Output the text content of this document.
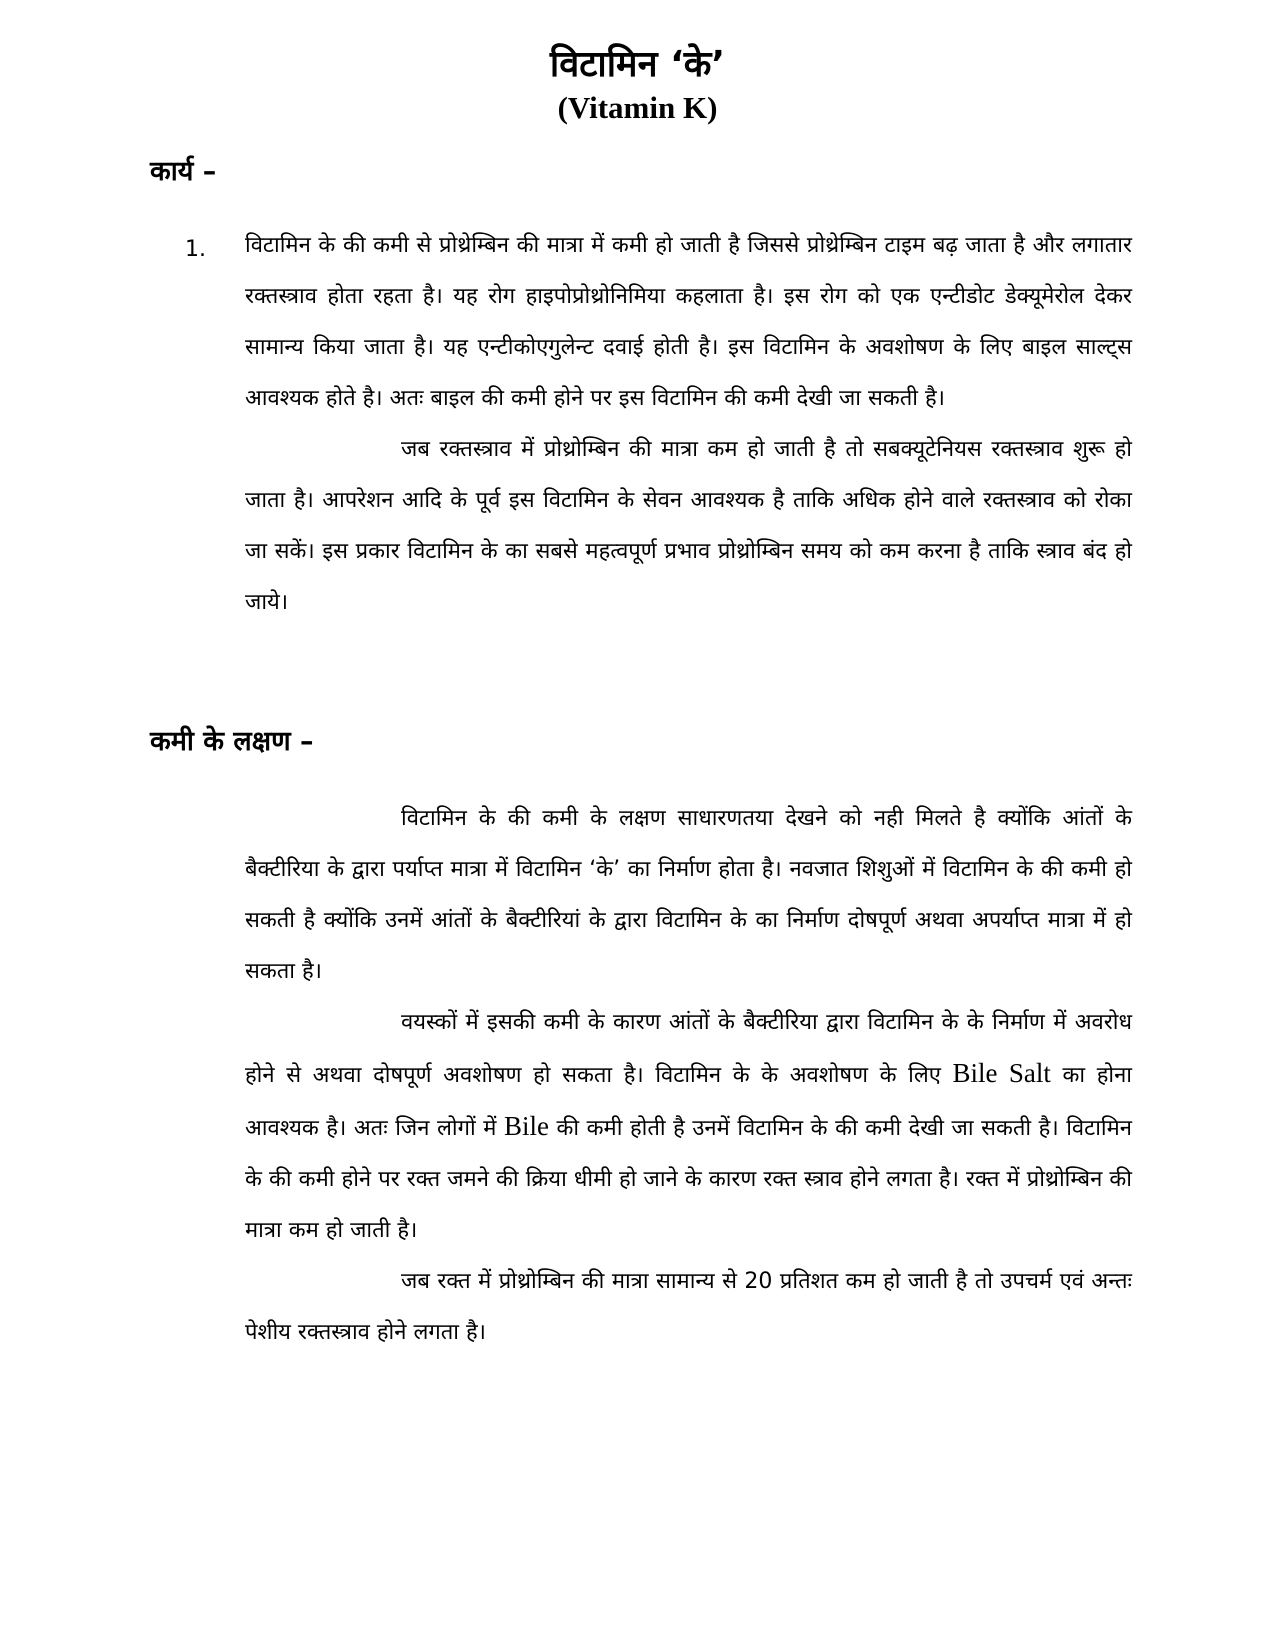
विटामिन ‘के’
(Vitamin K)
कार्य –
1. विटामिन के की कमी से प्रोथ्रेम्बिन की मात्रा में कमी हो जाती है जिससे प्रोथ्रेम्बिन टाइम बढ़ जाता है और लगातार रक्तस्त्राव होता रहता है। यह रोग हाइपोप्रोथ्रोनिमिया कहलाता है। इस रोग को एक एन्टीडोट डेक्यूमेरोल देकर सामान्य किया जाता है। यह एन्टीकोएगुलेन्ट दवाई होती है। इस विटामिन के अवशोषण के लिए बाइल साल्ट्स आवश्यक होते है। अतः बाइल की कमी होने पर इस विटामिन की कमी देखी जा सकती है।

जब रक्तस्त्राव में प्रोथ्रोम्बिन की मात्रा कम हो जाती है तो सबक्यूटेनियस रक्तस्त्राव शुरू हो जाता है। आपरेशन आदि के पूर्व इस विटामिन के सेवन आवश्यक है ताकि अधिक होने वाले रक्तस्त्राव को रोका जा सकें। इस प्रकार विटामिन के का सबसे महत्वपूर्ण प्रभाव प्रोथ्रोम्बिन समय को कम करना है ताकि स्त्राव बंद हो जाये।

कमी के लक्षण –

विटामिन के की कमी के लक्षण साधारणतया देखने को नही मिलते है क्योंकि आंतों के बैक्टीरिया के द्वारा पर्याप्त मात्रा में विटामिन ‘के’ का निर्माण होता है। नवजात शिशुओं में विटामिन के की कमी हो सकती है क्योंकि उनमें आंतों के बैक्टीरियां के द्वारा विटामिन के का निर्माण दोषपूर्ण अथवा अपर्याप्त मात्रा में हो सकता है।

वयस्कों में इसकी कमी के कारण आंतों के बैक्टीरिया द्वारा विटामिन के के निर्माण में अवरोध होने से अथवा दोषपूर्ण अवशोषण हो सकता है। विटामिन के के अवशोषण के लिए Bile Salt का होना आवश्यक है। अतः जिन लोगों में Bile की कमी होती है उनमें विटामिन के की कमी देखी जा सकती है। विटामिन के की कमी होने पर रक्त जमने की क्रिया धीमी हो जाने के कारण रक्त स्त्राव होने लगता है। रक्त में प्रोथ्रोम्बिन की मात्रा कम हो जाती है।

जब रक्त में प्रोथ्रोम्बिन की मात्रा सामान्य से 20 प्रतिशत कम हो जाती है तो उपचर्म एवं अन्तः पेशीय रक्तस्त्राव होने लगता है।
